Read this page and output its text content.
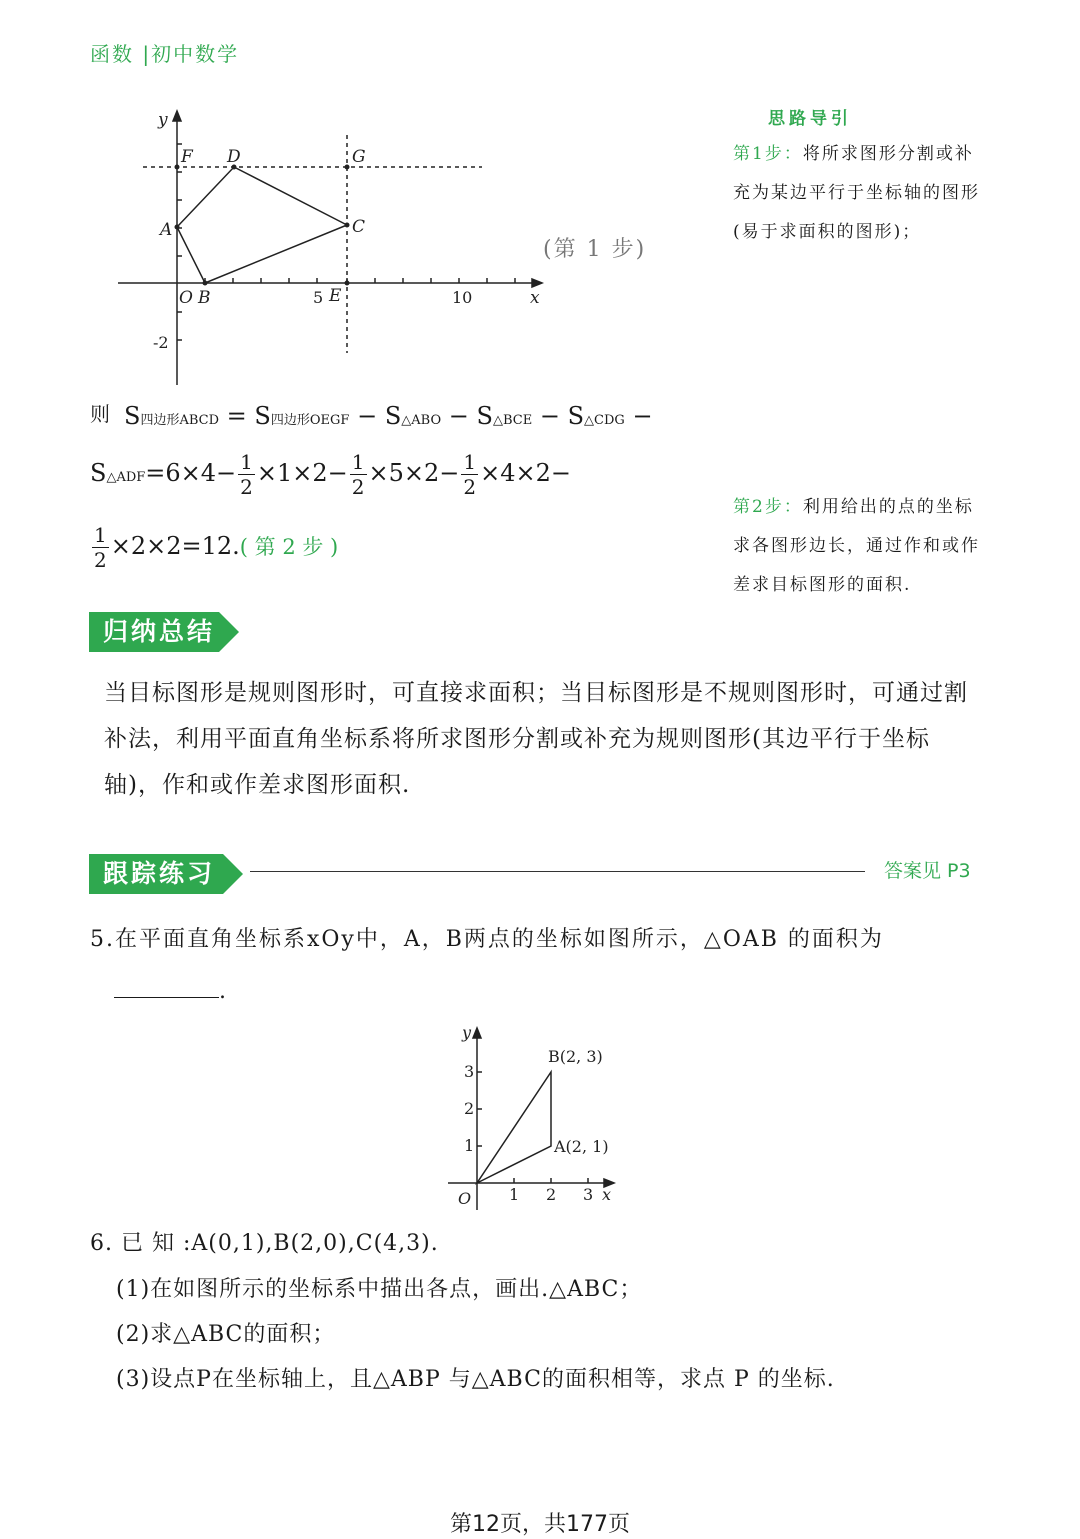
函数 |初中数学
y
x
F D	G
A	C
O B	E
5	10
-2
(第 1 步)
思路导引
第1步：将所求图形分割或补充为某边平行于坐标轴的图形(易于求面积的图形)；
第2步：利用给出的点的坐标求各图形边长，通过作和或作差求目标图形的面积.
则 S四边形ABCD = S四边形OEGF − S△ABO − S△BCE − S△CDG −
S△ADF=6×4− $\frac{1}{2} \times 1\times 2- \frac{1}{2} \times 5\times 2- \frac{1}{2} \times 4\times 2-$
$\frac{1}{2} \times 2\times 2=12$.( 第 2 步 )
归纳总结
当目标图形是规则图形时，可直接求面积；当目标图形是不规则图形时，可通过割补法，利用平面直角坐标系将所求图形分割或补充为规则图形(其边平行于坐标轴)，作和或作差求图形面积.
跟踪练习	答案见 P3
5.在平面直角坐标系xOy中，A，B两点的坐标如图所示，△OAB 的面积为
.
y
x
O
B(2, 3)
A(2, 1)
1 2 3
1
2
3
6. 已 知 :A(0,1),B(2,0),C(4,3).
(1)在如图所示的坐标系中描出各点，画出.△ABC；
(2)求△ABC的面积；
(3)设点P在坐标轴上，且△ABP 与△ABC的面积相等，求点 P 的坐标.
第12页，共177页
